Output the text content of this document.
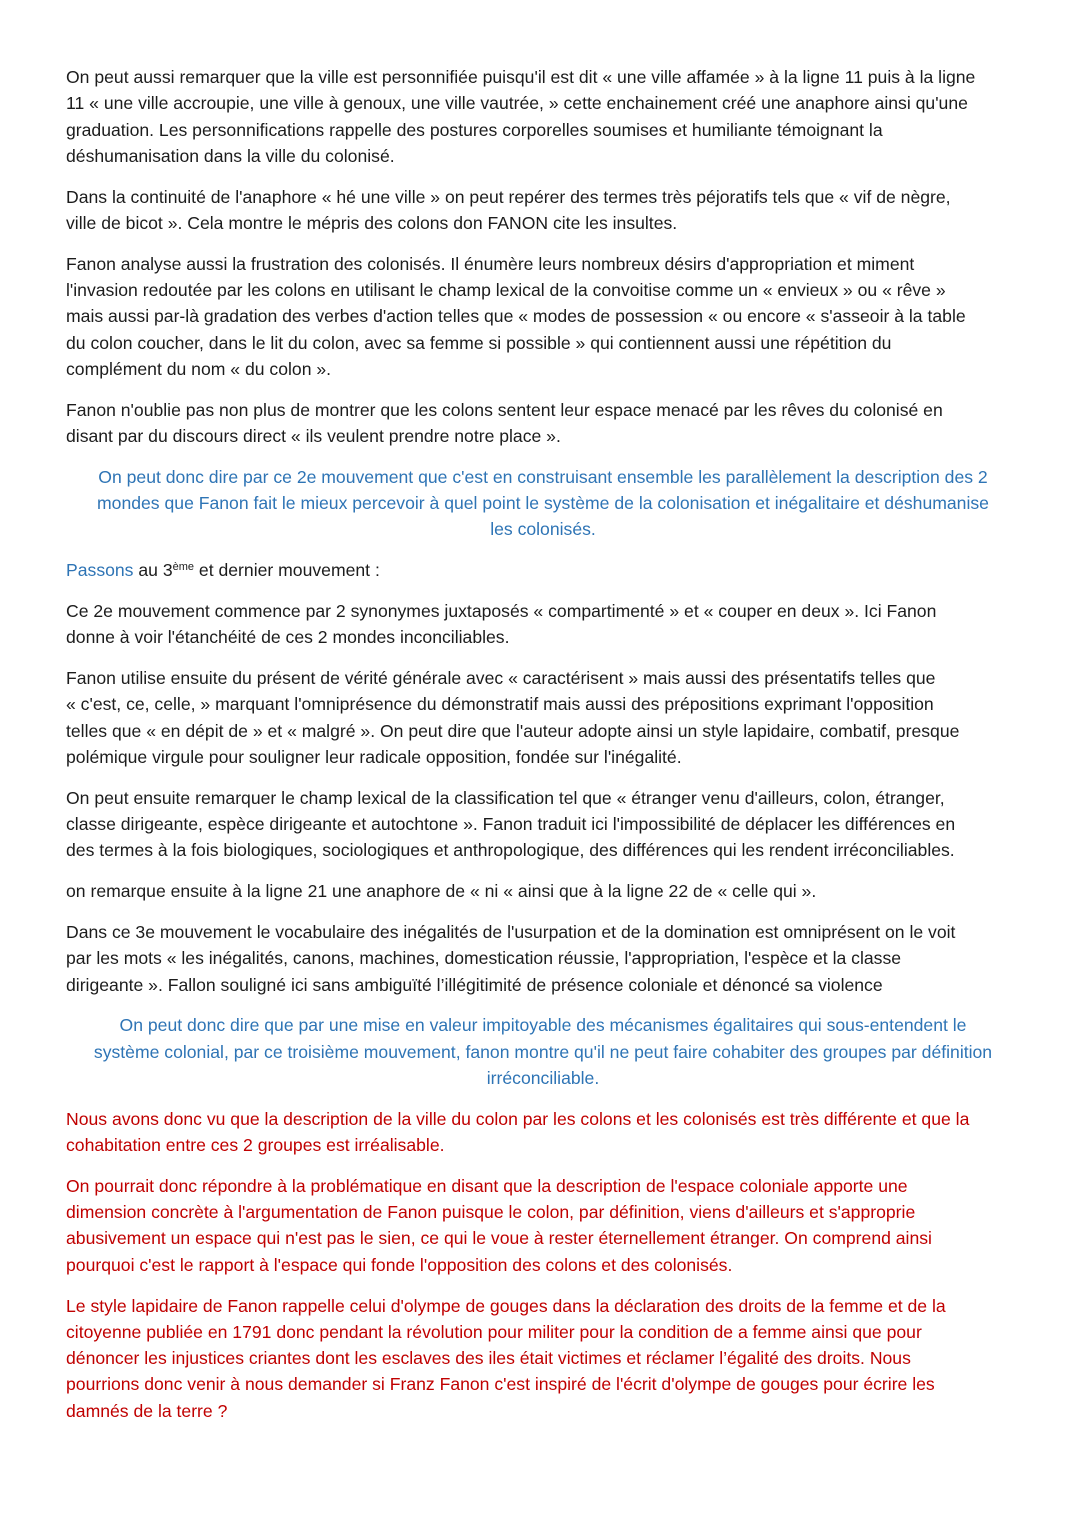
On peut aussi remarquer que la ville est personnifiée puisqu'il est dit « une ville affamée » à la ligne 11 puis à la ligne
11 « une ville accroupie, une ville à genoux, une ville vautrée, » cette enchainement créé une anaphore ainsi qu'une
graduation. Les personnifications rappelle des postures corporelles soumises et humiliante témoignant la
déshumanisation dans la ville du colonisé.

Dans la continuité de l'anaphore « hé une ville » on peut repérer des termes très péjoratifs tels que « vif de nègre,
ville de bicot ». Cela montre le mépris des colons don FANON cite les insultes.

Fanon analyse aussi la frustration des colonisés. Il énumère leurs nombreux désirs d'appropriation et miment
l'invasion redoutée par les colons en utilisant le champ lexical de la convoitise comme un « envieux » ou « rêve »
mais aussi par-là gradation des verbes d'action telles que « modes de possession « ou encore « s'asseoir à la table
du colon coucher, dans le lit du colon, avec sa femme si possible » qui contiennent aussi une répétition du
complément du nom « du colon ».

Fanon n'oublie pas non plus de montrer que les colons sentent leur espace menacé par les rêves du colonisé en
disant par du discours direct « ils veulent prendre notre place ».

On peut donc dire par ce 2e mouvement que c'est en construisant ensemble les parallèlement la description des 2
mondes que Fanon fait le mieux percevoir à quel point le système de la colonisation et inégalitaire et déshumanise
les colonisés.

Passons au 3ème et dernier mouvement :

Ce 2e mouvement commence par 2 synonymes juxtaposés « compartimenté » et « couper en deux ». Ici Fanon
donne à voir l'étanchéité de ces 2 mondes inconciliables.

Fanon utilise ensuite du présent de vérité générale avec « caractérisent » mais aussi des présentatifs telles que
« c'est, ce, celle, » marquant l'omniprésence du démonstratif mais aussi des prépositions exprimant l'opposition
telles que « en dépit de » et « malgré ». On peut dire que l'auteur adopte ainsi un style lapidaire, combatif, presque
polémique virgule pour souligner leur radicale opposition, fondée sur l'inégalité.

On peut ensuite remarquer le champ lexical de la classification tel que « étranger venu d'ailleurs, colon, étranger,
classe dirigeante, espèce dirigeante et autochtone ». Fanon traduit ici l'impossibilité de déplacer les différences en
des termes à la fois biologiques, sociologiques et anthropologique, des différences qui les rendent irréconciliables.

on remarque ensuite à la ligne 21 une anaphore de « ni « ainsi que à la ligne 22 de « celle qui ».

Dans ce 3e mouvement le vocabulaire des inégalités de l'usurpation et de la domination est omniprésent on le voit
par les mots « les inégalités, canons, machines, domestication réussie, l'appropriation, l'espèce et la classe
dirigeante ». Fallon souligné ici sans ambiguïté l’illégitimité de présence coloniale et dénoncé sa violence

On peut donc dire que par une mise en valeur impitoyable des mécanismes égalitaires qui sous-entendent le
système colonial, par ce troisième mouvement, fanon montre qu'il ne peut faire cohabiter des groupes par définition
irréconciliable.

Nous avons donc vu que la description de la ville du colon par les colons et les colonisés est très différente et que la
cohabitation entre ces 2 groupes est irréalisable.

On pourrait donc répondre à la problématique en disant que la description de l'espace coloniale apporte une
dimension concrète à l'argumentation de Fanon puisque le colon, par définition, viens d'ailleurs et s'approprie
abusivement un espace qui n'est pas le sien, ce qui le voue à rester éternellement étranger. On comprend ainsi
pourquoi c'est le rapport à l'espace qui fonde l'opposition des colons et des colonisés.

Le style lapidaire de Fanon rappelle celui d'olympe de gouges dans la déclaration des droits de la femme et de la
citoyenne publiée en 1791 donc pendant la révolution pour militer pour la condition de a femme ainsi que pour
dénoncer les injustices criantes dont les esclaves des iles était victimes et réclamer l’égalité des droits. Nous
pourrions donc venir à nous demander si Franz Fanon c'est inspiré de l'écrit d'olympe de gouges pour écrire les
damnés de la terre ?
